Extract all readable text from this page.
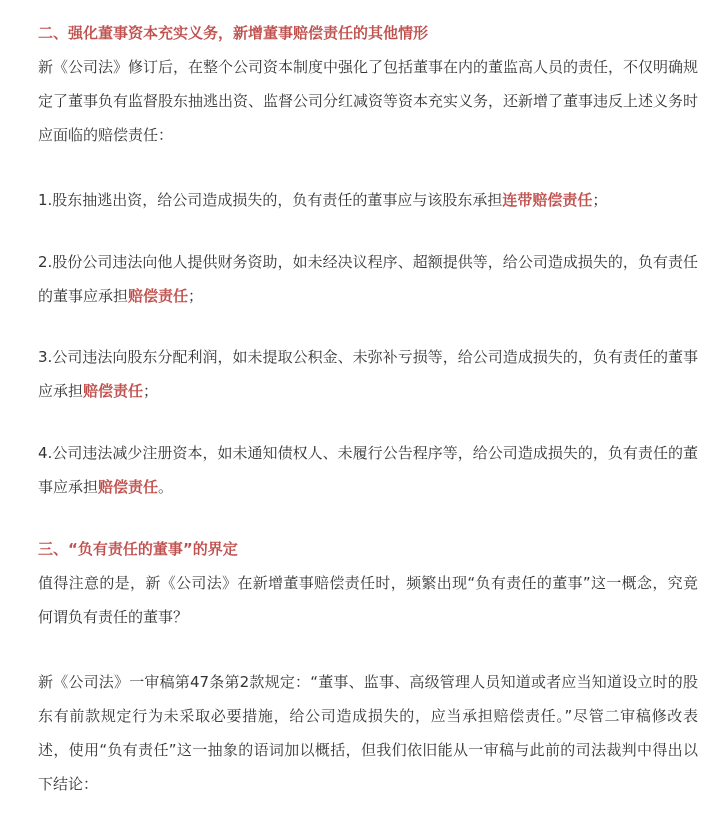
二、强化董事资本充实义务，新增董事赔偿责任的其他情形
新《公司法》修订后，在整个公司资本制度中强化了包括董事在内的董监高人员的责任，不仅明确规定了董事负有监督股东抽逃出资、监督公司分红减资等资本充实义务，还新增了董事违反上述义务时应面临的赔偿责任：
1.股东抽逃出资，给公司造成损失的，负有责任的董事应与该股东承担连带赔偿责任；
2.股份公司违法向他人提供财务资助，如未经决议程序、超额提供等，给公司造成损失的，负有责任的董事应承担赔偿责任；
3.公司违法向股东分配利润，如未提取公积金、未弥补亏损等，给公司造成损失的，负有责任的董事应承担赔偿责任；
4.公司违法减少注册资本，如未通知债权人、未履行公告程序等，给公司造成损失的，负有责任的董事应承担赔偿责任。
三、“负有责任的董事”的界定
值得注意的是，新《公司法》在新增董事赔偿责任时，频繁出现“负有责任的董事”这一概念，究竟何谓负有责任的董事？
新《公司法》一审稿第47条第2款规定：“董事、监事、高级管理人员知道或者应当知道设立时的股东有前款规定行为未采取必要措施，给公司造成损失的，应当承担赔偿责任。”尽管二审稿修改表述，使用“负有责任”这一抽象的语词加以概括，但我们依旧能从一审稿与此前的司法裁判中得出以下结论：
